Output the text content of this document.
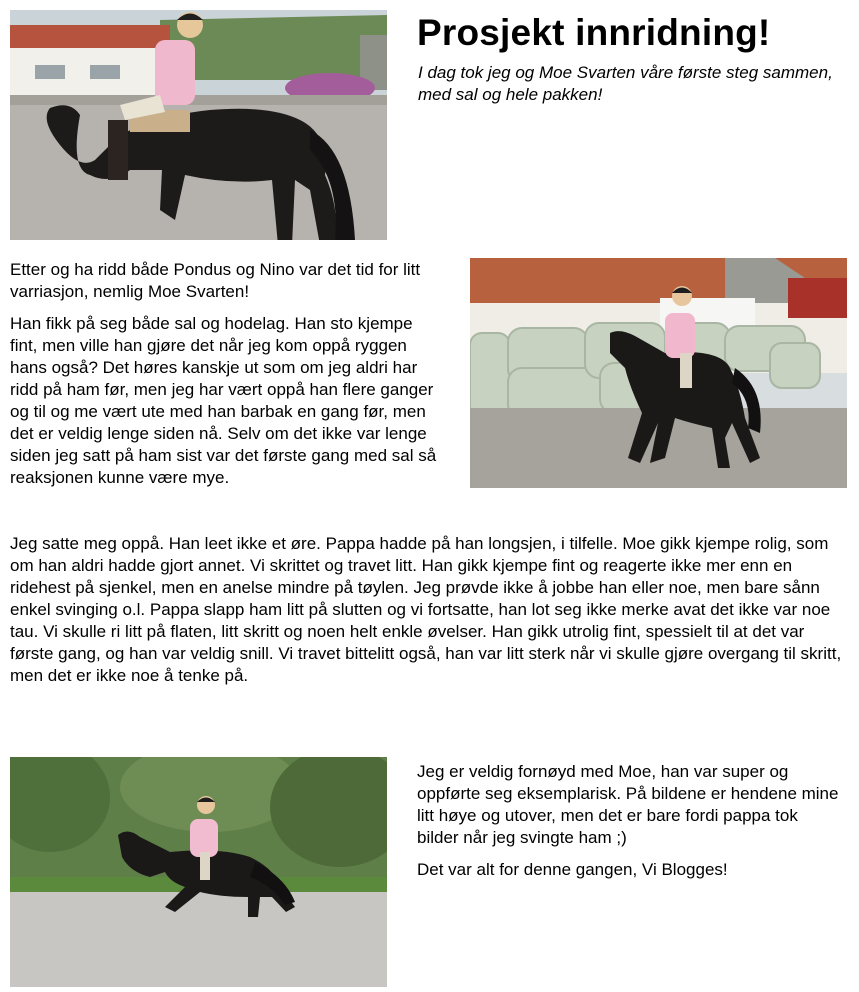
Prosjekt innridning!

I dag tok jeg og Moe Svarten våre første steg sammen, med sal og hele pakken!

Etter og ha ridd både Pondus og Nino var det tid for litt varriasjon, nemlig Moe Svarten!

Han fikk på seg både sal og hodelag. Han sto kjempe fint, men ville han gjøre det når jeg kom oppå ryggen hans også? Det høres kanskje ut som om jeg aldri har ridd på ham før, men jeg har vært oppå han flere ganger og til og me vært ute med han barbak en gang før, men det er veldig lenge siden nå. Selv om det ikke var lenge siden jeg satt på ham sist var det første gang med sal så reaksjonen kunne være mye.

Jeg satte meg oppå. Han leet ikke et øre. Pappa hadde på han longsjen, i tilfelle. Moe gikk kjempe rolig, som om han aldri hadde gjort annet. Vi skrittet og travet litt. Han gikk kjempe fint og reagerte ikke mer enn en ridehest på sjenkel, men en anelse mindre på tøylen. Jeg prøvde ikke å jobbe han eller noe, men bare sånn enkel svinging o.l. Pappa slapp ham litt på slutten og vi fortsatte, han lot seg ikke merke avat det ikke var noe tau. Vi skulle ri litt på flaten, litt skritt og noen helt enkle øvelser. Han gikk utrolig fint, spessielt til at det var første gang, og han var veldig snill. Vi travet bittelitt også, han var litt sterk når vi skulle gjøre overgang til skritt, men det er ikke noe å tenke på.

Jeg er veldig fornøyd med Moe, han var super og oppførte seg eksemplarisk. På bildene er hendene mine litt høye og utover, men det er bare fordi pappa tok bilder når jeg svingte ham ;)

Det var alt for denne gangen, Vi Blogges!
